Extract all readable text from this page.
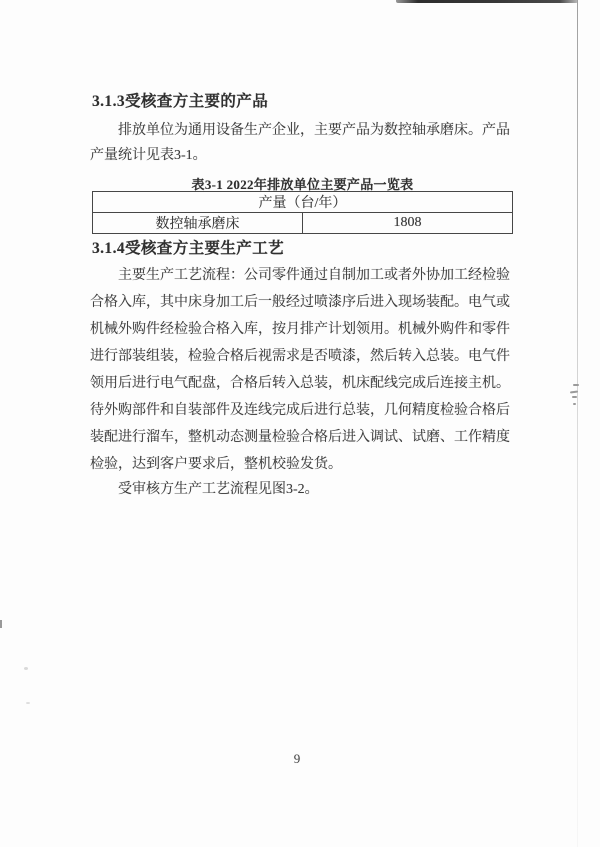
3.1.3受核查方主要的产品

排放单位为通用设备生产企业，主要产品为数控轴承磨床。产品产量统计见表3-1。

表3-1 2022年排放单位主要产品一览表
产量（台/年）
数控轴承磨床	1808
3.1.4受核查方主要生产工艺

主要生产工艺流程：公司零件通过自制加工或者外协加工经检验合格入库，其中床身加工后一般经过喷漆序后进入现场装配。电气或机械外购件经检验合格入库，按月排产计划领用。机械外购件和零件进行部装组装，检验合格后视需求是否喷漆，然后转入总装。电气件领用后进行电气配盘，合格后转入总装，机床配线完成后连接主机。待外购部件和自装部件及连线完成后进行总装，几何精度检验合格后装配进行溜车，整机动态测量检验合格后进入调试、试磨、工作精度检验，达到客户要求后，整机校验发货。

受审核方生产工艺流程见图3-2。

9
